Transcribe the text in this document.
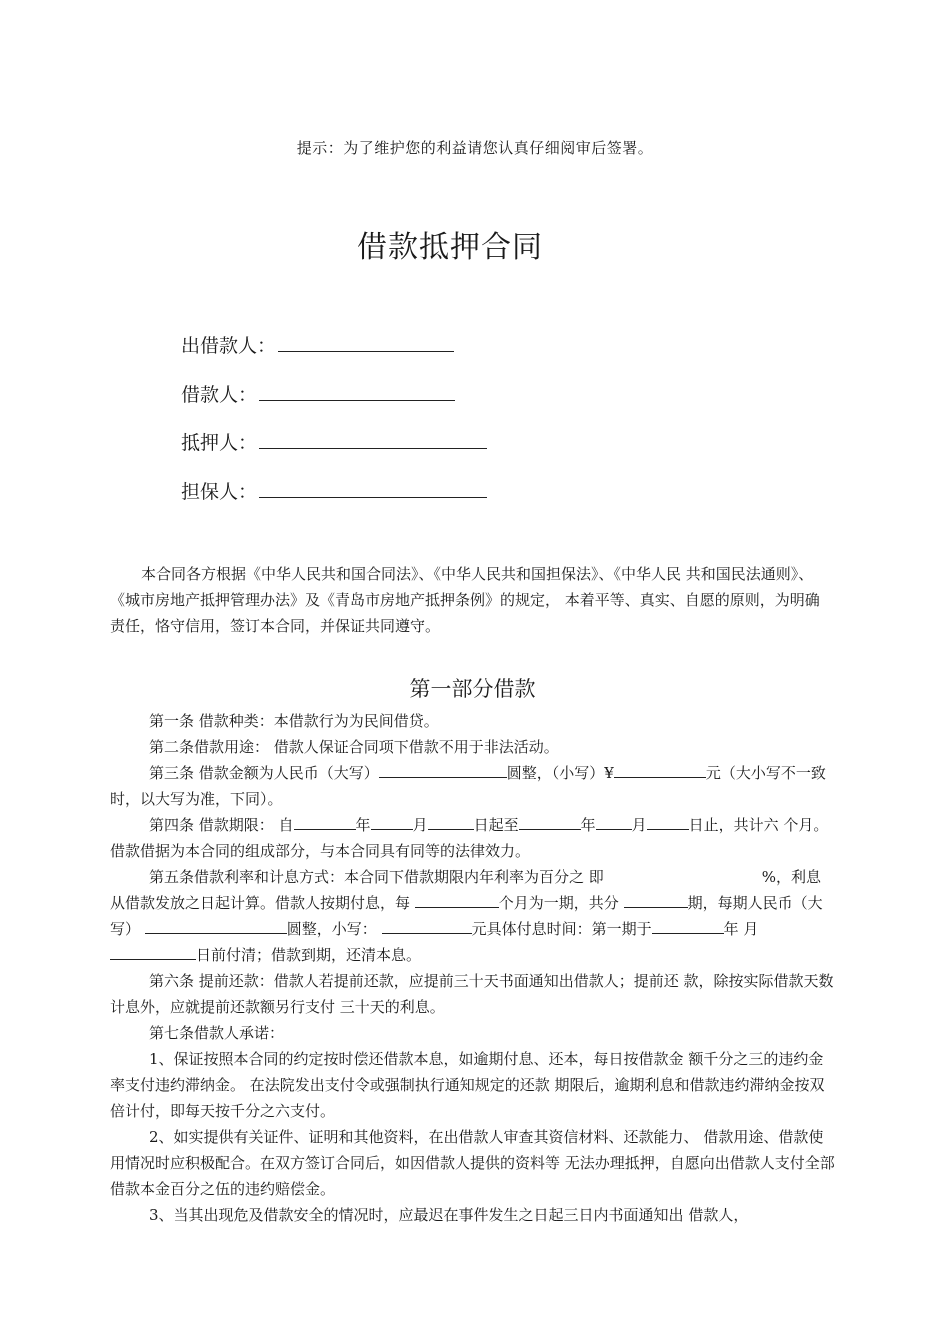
提示：为了维护您的利益请您认真仔细阅审后签署。
借款抵押合同
出借款人：
借款人：
抵押人：
担保人：
本合同各方根据《中华人民共和国合同法》、《中华人民共和国担保法》、《中华人民 共和国民法通则》、《城市房地产抵押管理办法》及《青岛市房地产抵押条例》的规定， 本着平等、真实、自愿的原则，为明确责任，恪守信用，签订本合同，并保证共同遵守。
第一部分借款

第一条 借款种类：本借款行为为民间借贷。

第二条借款用途： 借款人保证合同项下借款不用于非法活动。

第三条 借款金额为人民币（大写）	圆整，（小写）¥	元（大小写不一致时，以大写为准，下同）。

第四条 借款期限： 自	年	月	日起至	年 月	日止，共计六 个月。借款借据为本合同的组成部分，与本合同具有同等的法律效力。

第五条借款利率和计息方式：本合同下借款期限内年利率为百分之 即	%，利息从借款发放之日起计算。借款人按期付息，每	个月为一期，共分	期，每期人民币（大写）	圆整，小写：	元具体付息时间：第一期于	年 月日前付清；借款到期，还清本息。

第六条 提前还款：借款人若提前还款，应提前三十天书面通知出借款人；提前还 款，除按实际借款天数计息外，应就提前还款额另行支付 三十天的利息。

第七条借款人承诺：

1、保证按照本合同的约定按时偿还借款本息，如逾期付息、还本，每日按借款金 额千分之三的违约金率支付违约滞纳金。 在法院发出支付令或强制执行通知规定的还款 期限后，逾期利息和借款违约滞纳金按双倍计付，即每天按千分之六支付。

2、如实提供有关证件、证明和其他资料，在出借款人审查其资信材料、还款能力、 借款用途、借款使用情况时应积极配合。在双方签订合同后，如因借款人提供的资料等 无法办理抵押，自愿向出借款人支付全部借款本金百分之伍的违约赔偿金。

3、当其出现危及借款安全的情况时，应最迟在事件发生之日起三日内书面通知出 借款人，
